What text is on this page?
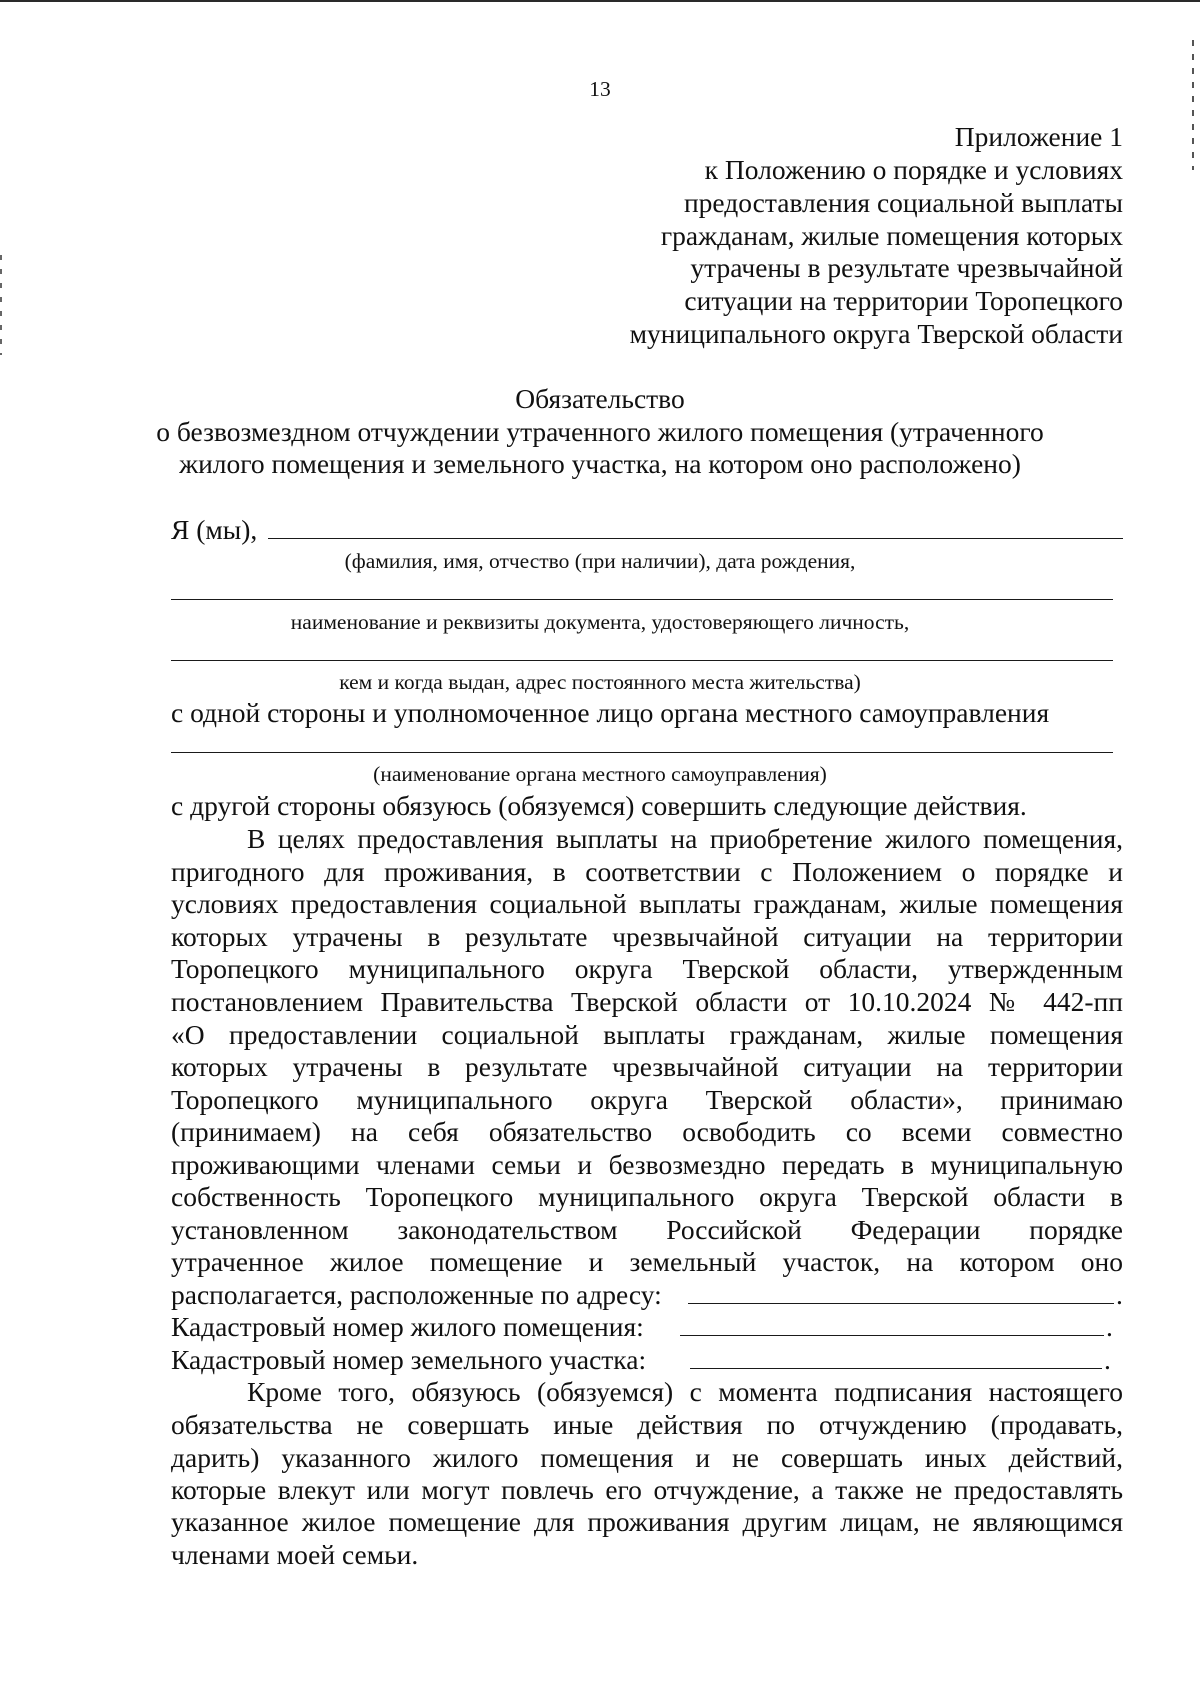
13
Приложение 1
к Положению о порядке и условиях
предоставления социальной выплаты
гражданам, жилые помещения которых
утрачены в результате чрезвычайной
ситуации на территории Торопецкого
муниципального округа Тверской области
Обязательство
о безвозмездном отчуждении утраченного жилого помещения (утраченного
жилого помещения и земельного участка, на котором оно расположено)
Я (мы),
(фамилия, имя, отчество (при наличии), дата рождения,
наименование и реквизиты документа, удостоверяющего личность,
кем и когда выдан, адрес постоянного места жительства)
с одной стороны и уполномоченное лицо органа местного самоуправления
(наименование органа местного самоуправления)
с другой стороны обязуюсь (обязуемся) совершить следующие действия.
В целях предоставления выплаты на приобретение жилого помещения,
пригодного для проживания, в соответствии с Положением о порядке и
условиях предоставления социальной выплаты гражданам, жилые помещения
которых утрачены в результате чрезвычайной ситуации на территории
Торопецкого муниципального округа Тверской области, утвержденным
постановлением Правительства Тверской области от 10.10.2024 № 442-пп
«О предоставлении социальной выплаты гражданам, жилые помещения
которых утрачены в результате чрезвычайной ситуации на территории
Торопецкого муниципального округа Тверской области», принимаю
(принимаем) на себя обязательство освободить со всеми совместно
проживающими членами семьи и безвозмездно передать в муниципальную
собственность Торопецкого муниципального округа Тверской области в
установленном законодательством Российской Федерации порядке
утраченное жилое помещение и земельный участок, на котором оно
располагается, расположенные по адресу:	.
Кадастровый номер жилого помещения:	.
Кадастровый номер земельного участка:	.
Кроме того, обязуюсь (обязуемся) с момента подписания настоящего
обязательства не совершать иные действия по отчуждению (продавать,
дарить) указанного жилого помещения и не совершать иных действий,
которые влекут или могут повлечь его отчуждение, а также не предоставлять
указанное жилое помещение для проживания другим лицам, не являющимся
членами моей семьи.
